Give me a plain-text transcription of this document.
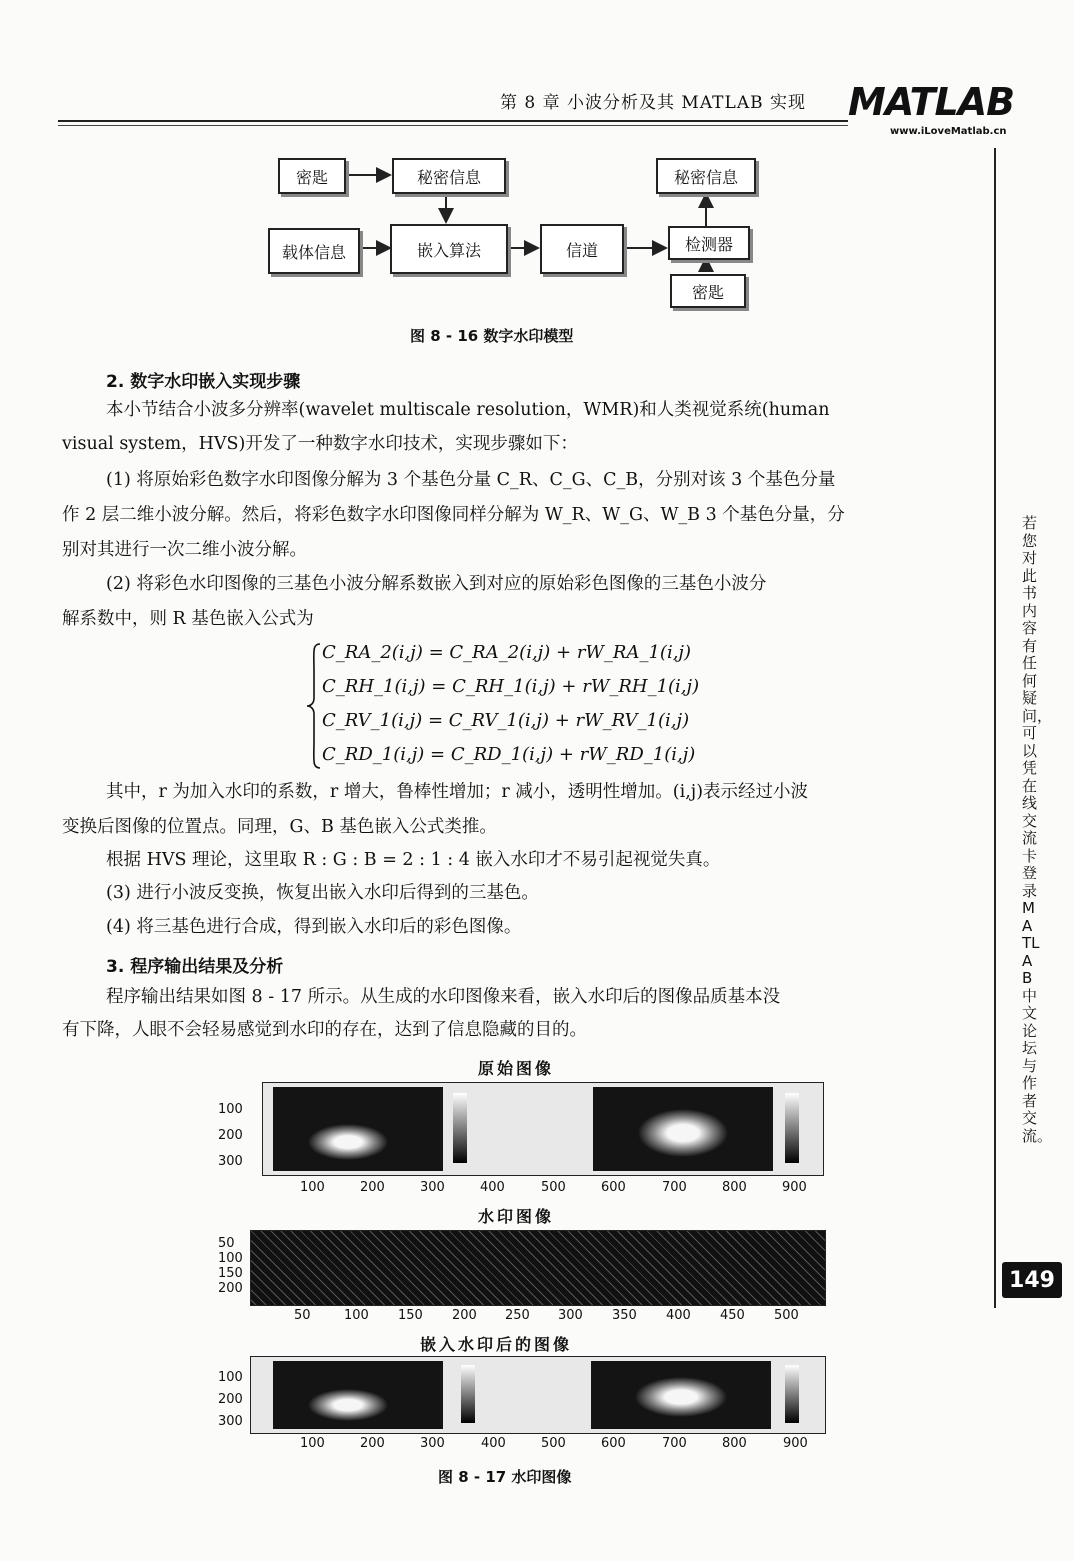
第 8 章 小波分析及其 MATLAB 实现 MATLAB
www.iLoveMatlab.cn
密匙	秘密信息	秘密信息
载体信息	嵌入算法	信道	检测器
密匙
图 8 - 16 数字水印模型
2. 数字水印嵌入实现步骤
本小节结合小波多分辨率(wavelet multiscale resolution，WMR)和人类视觉系统(human
visual system，HVS)开发了一种数字水印技术，实现步骤如下：
(1) 将原始彩色数字水印图像分解为 3 个基色分量 C_R、C_G、C_B，分别对该 3 个基色分量
作 2 层二维小波分解。然后，将彩色数字水印图像同样分解为 W_R、W_G、W_B 3 个基色分量，分
别对其进行一次二维小波分解。
(2) 将彩色水印图像的三基色小波分解系数嵌入到对应的原始彩色图像的三基色小波分
解系数中，则 R 基色嵌入公式为
C_RA_2(i,j) = C_RA_2(i,j) + rW_RA_1(i,j)
C_RH_1(i,j) = C_RH_1(i,j) + rW_RH_1(i,j)
C_RV_1(i,j) = C_RV_1(i,j) + rW_RV_1(i,j)
C_RD_1(i,j) = C_RD_1(i,j) + rW_RD_1(i,j)
其中，r 为加入水印的系数，r 增大，鲁棒性增加；r 减小，透明性增加。(i,j)表示经过小波
变换后图像的位置点。同理，G、B 基色嵌入公式类推。
根据 HVS 理论，这里取 R : G : B = 2 : 1 : 4 嵌入水印才不易引起视觉失真。
(3) 进行小波反变换，恢复出嵌入水印后得到的三基色。
(4) 将三基色进行合成，得到嵌入水印后的彩色图像。
3. 程序输出结果及分析
程序输出结果如图 8 - 17 所示。从生成的水印图像来看，嵌入水印后的图像品质基本没
有下降，人眼不会轻易感觉到水印的存在，达到了信息隐藏的目的。
原始图像
100
200
300
100	200	300	400	500	600	700	800	900
水印图像
50
100
150
200
50	100 150 200 250 300 350 400 450 500
嵌入水印后的图像
100
200
300
100	200	300	400	500	600	700	800	900
图 8 - 17 水印图像
若您对此书内容有任何疑问，可以凭在线交流卡登录MATLAB中文论坛与作者交流。
149
